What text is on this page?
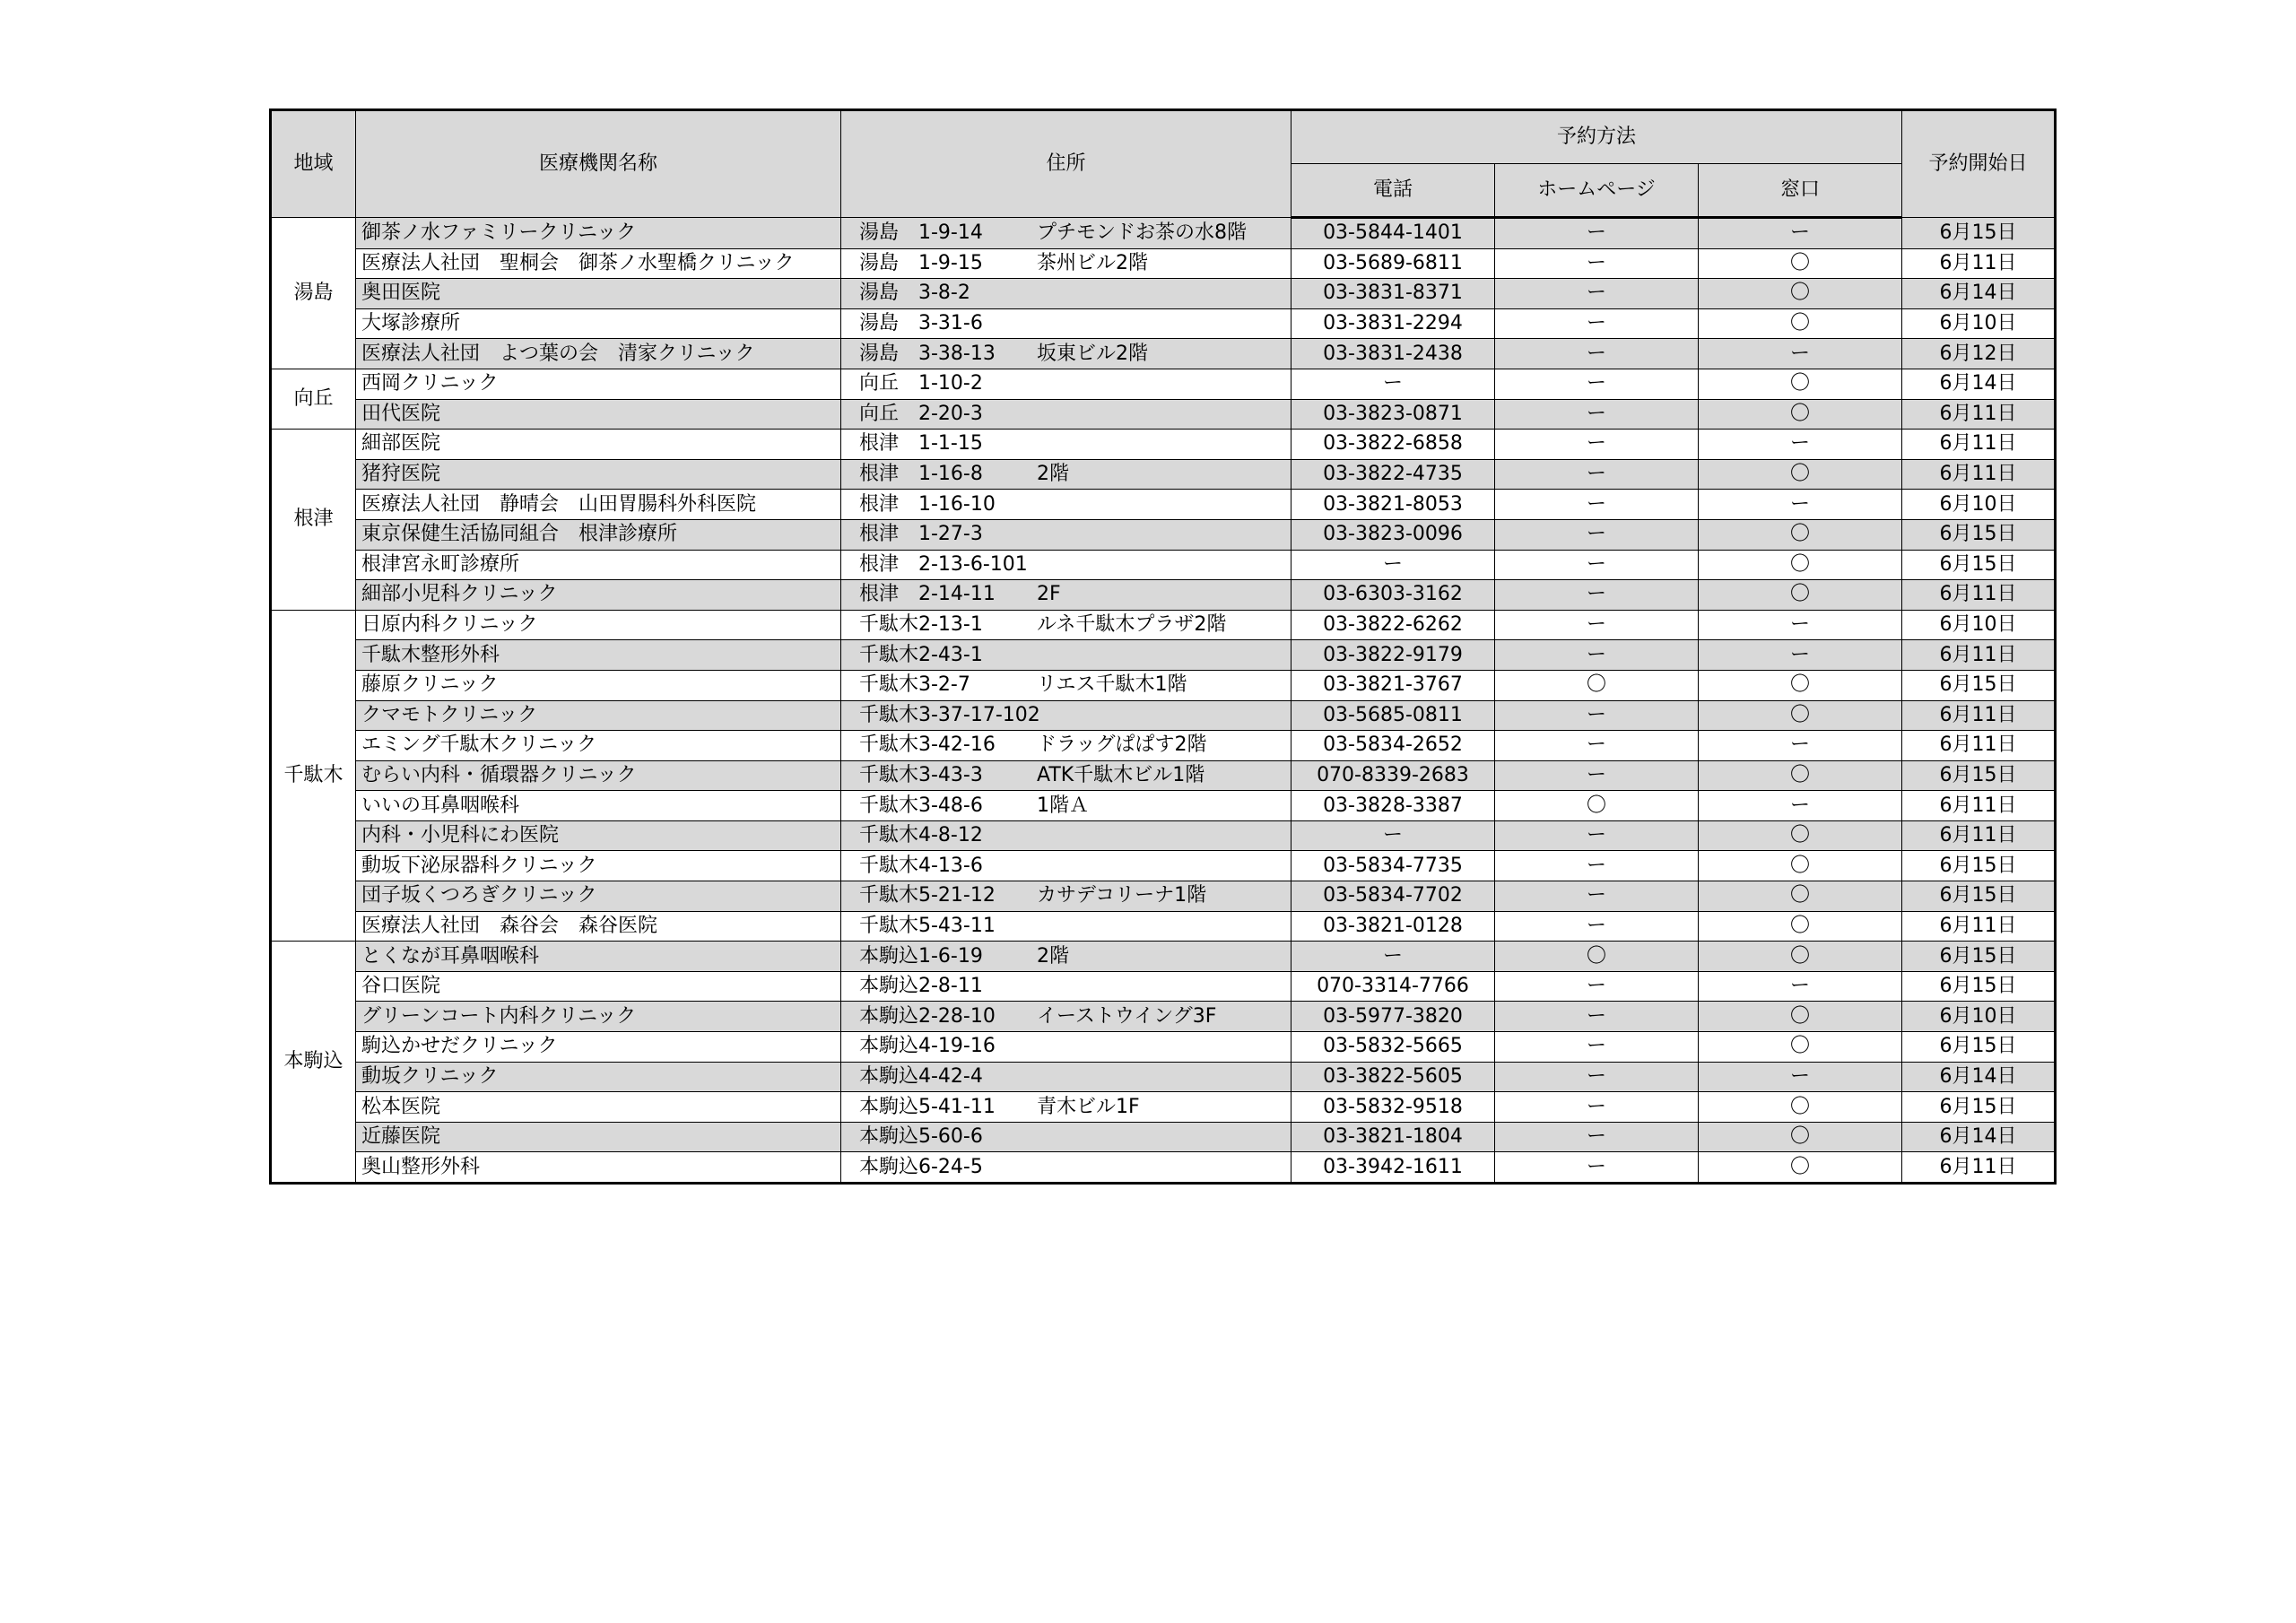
地域	医療機関名称	住所	予約方法			予約開始日
			電話	ホームページ	窓口	
湯島	御茶ノ水ファミリークリニック	湯島 1-9-14 プチモンドお茶の水8階	03-5844-1401	ー	ー	6月15日
	医療法人社団　聖桐会　御茶ノ水聖橋クリニック	湯島 1-9-15 茶州ビル2階	03-5689-6811	ー	〇	6月11日
	奥田医院	湯島 3-8-2	03-3831-8371	ー	〇	6月14日
	大塚診療所	湯島 3-31-6	03-3831-2294	ー	〇	6月10日
	医療法人社団　よつ葉の会　清家クリニック	湯島 3-38-13 坂東ビル2階	03-3831-2438	ー	ー	6月12日
向丘	西岡クリニック	向丘 1-10-2	ー	ー	〇	6月14日
	田代医院	向丘 2-20-3	03-3823-0871	ー	〇	6月11日
根津	細部医院	根津 1-1-15	03-3822-6858	ー	ー	6月11日
	猪狩医院	根津 1-16-8 2階	03-3822-4735	ー	〇	6月11日
	医療法人社団　静晴会　山田胃腸科外科医院	根津 1-16-10	03-3821-8053	ー	ー	6月10日
	東京保健生活協同組合　根津診療所	根津 1-27-3	03-3823-0096	ー	〇	6月15日
	根津宮永町診療所	根津 2-13-6-101	ー	ー	〇	6月15日
	細部小児科クリニック	根津 2-14-11 2F	03-6303-3162	ー	〇	6月11日
千駄木	日原内科クリニック	千駄木2-13-1 ルネ千駄木プラザ2階	03-3822-6262	ー	ー	6月10日
	千駄木整形外科	千駄木2-43-1	03-3822-9179	ー	ー	6月11日
	藤原クリニック	千駄木3-2-7 リエス千駄木1階	03-3821-3767	〇	〇	6月15日
	クマモトクリニック	千駄木3-37-17-102	03-5685-0811	ー	〇	6月11日
	エミング千駄木クリニック	千駄木3-42-16 ドラッグぱぱす2階	03-5834-2652	ー	ー	6月11日
	むらい内科・循環器クリニック	千駄木3-43-3 ATK千駄木ビル1階	070-8339-2683	ー	〇	6月15日
	いいの耳鼻咽喉科	千駄木3-48-6 1階Ａ	03-3828-3387	〇	ー	6月11日
	内科・小児科にわ医院	千駄木4-8-12	ー	ー	〇	6月11日
	動坂下泌尿器科クリニック	千駄木4-13-6	03-5834-7735	ー	〇	6月15日
	団子坂くつろぎクリニック	千駄木5-21-12 カサデコリーナ1階	03-5834-7702	ー	〇	6月15日
	医療法人社団　森谷会　森谷医院	千駄木5-43-11	03-3821-0128	ー	〇	6月11日
本駒込	とくなが耳鼻咽喉科	本駒込1-6-19 2階	ー	〇	〇	6月15日
	谷口医院	本駒込2-8-11	070-3314-7766	ー	ー	6月15日
	グリーンコート内科クリニック	本駒込2-28-10 イーストウイング3F	03-5977-3820	ー	〇	6月10日
	駒込かせだクリニック	本駒込4-19-16	03-5832-5665	ー	〇	6月15日
	動坂クリニック	本駒込4-42-4	03-3822-5605	ー	ー	6月14日
	松本医院	本駒込5-41-11 青木ビル1F	03-5832-9518	ー	〇	6月15日
	近藤医院	本駒込5-60-6	03-3821-1804	ー	〇	6月14日
	奥山整形外科	本駒込6-24-5	03-3942-1611	ー	〇	6月11日
